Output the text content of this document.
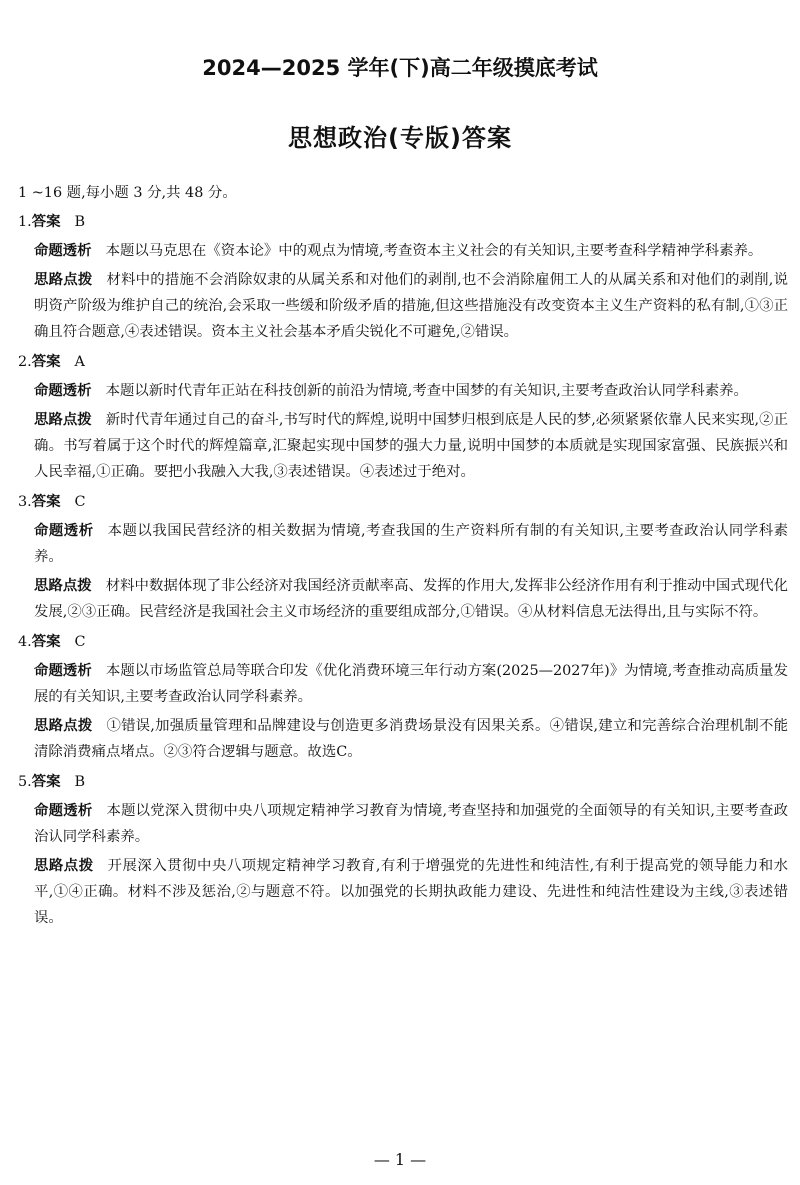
2024—2025 学年(下)高二年级摸底考试
思想政治(专版)答案

1 ~16 题,每小题 3 分,共 48 分。

1.答案 B

命题透析 本题以马克思在《资本论》中的观点为情境,考查资本主义社会的有关知识,主要考查科学精神学科素养。

思路点拨 材料中的措施不会消除奴隶的从属关系和对他们的剥削,也不会消除雇佣工人的从属关系和对他们的剥削,说明资产阶级为维护自己的统治,会采取一些缓和阶级矛盾的措施,但这些措施没有改变资本主义生产资料的私有制,①③正确且符合题意,④表述错误。资本主义社会基本矛盾尖锐化不可避免,②错误。

2.答案 A

命题透析 本题以新时代青年正站在科技创新的前沿为情境,考查中国梦的有关知识,主要考查政治认同学科素养。

思路点拨 新时代青年通过自己的奋斗,书写时代的辉煌,说明中国梦归根到底是人民的梦,必须紧紧依靠人民来实现,②正确。书写着属于这个时代的辉煌篇章,汇聚起实现中国梦的强大力量,说明中国梦的本质就是实现国家富强、民族振兴和人民幸福,①正确。要把小我融入大我,③表述错误。④表述过于绝对。

3.答案 C

命题透析 本题以我国民营经济的相关数据为情境,考查我国的生产资料所有制的有关知识,主要考查政治认同学科素养。

思路点拨 材料中数据体现了非公经济对我国经济贡献率高、发挥的作用大,发挥非公经济作用有利于推动中国式现代化发展,②③正确。民营经济是我国社会主义市场经济的重要组成部分,①错误。④从材料信息无法得出,且与实际不符。

4.答案 C

命题透析 本题以市场监管总局等联合印发《优化消费环境三年行动方案(2025—2027年)》为情境,考查推动高质量发展的有关知识,主要考查政治认同学科素养。

思路点拨 ①错误,加强质量管理和品牌建设与创造更多消费场景没有因果关系。④错误,建立和完善综合治理机制不能清除消费痛点堵点。②③符合逻辑与题意。故选C。

5.答案 B

命题透析 本题以党深入贯彻中央八项规定精神学习教育为情境,考查坚持和加强党的全面领导的有关知识,主要考查政治认同学科素养。

思路点拨 开展深入贯彻中央八项规定精神学习教育,有利于增强党的先进性和纯洁性,有利于提高党的领导能力和水平,①④正确。材料不涉及惩治,②与题意不符。以加强党的长期执政能力建设、先进性和纯洁性建设为主线,③表述错误。

— 1 —
